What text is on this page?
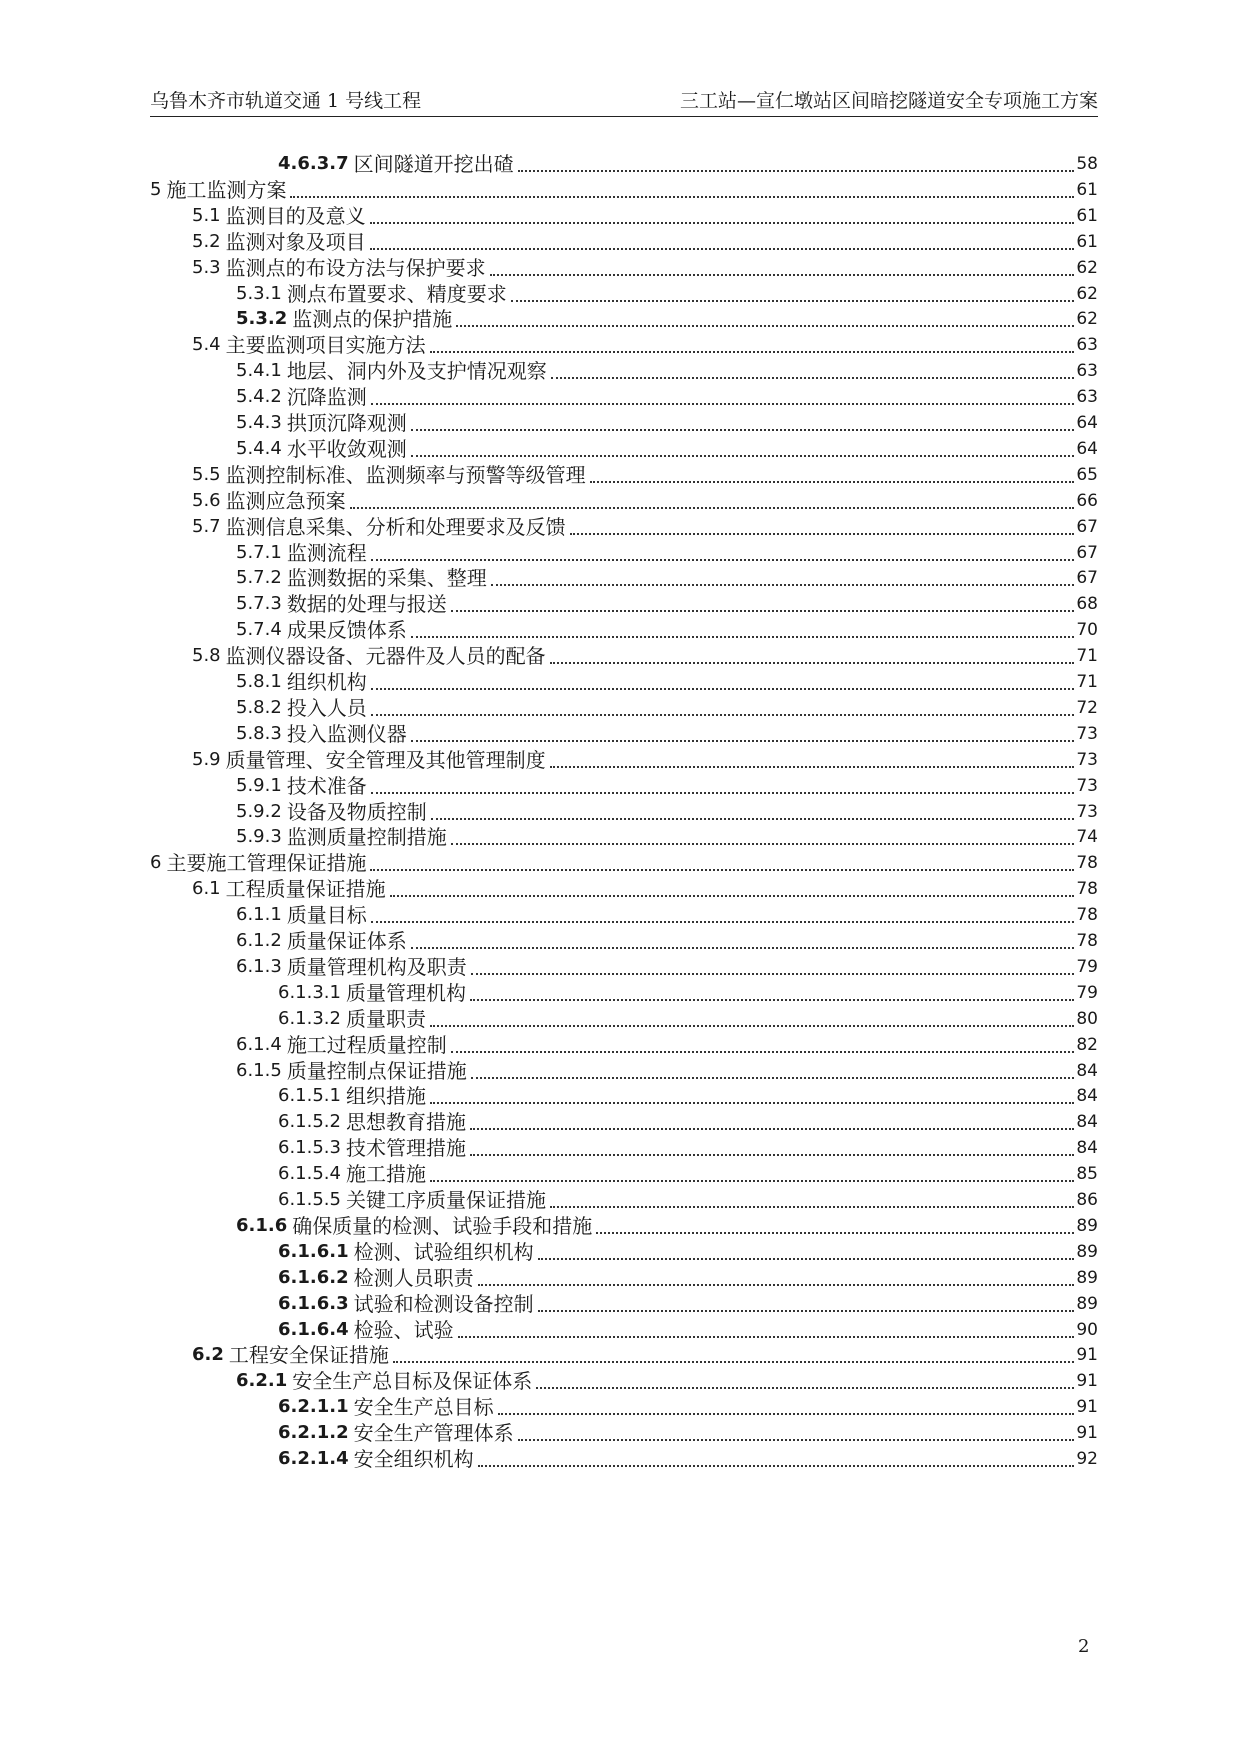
乌鲁木齐市轨道交通 1 号线工程	三工站—宣仁墩站区间暗挖隧道安全专项施工方案
4.6.3.7 区间隧道开挖出碴	58
5 施工监测方案	61
5.1 监测目的及意义	61
5.2 监测对象及项目	61
5.3 监测点的布设方法与保护要求	62
5.3.1 测点布置要求、精度要求	62
5.3.2 监测点的保护措施	62
5.4 主要监测项目实施方法	63
5.4.1 地层、洞内外及支护情况观察	63
5.4.2 沉降监测	63
5.4.3 拱顶沉降观测	64
5.4.4 水平收敛观测	64
5.5 监测控制标准、监测频率与预警等级管理	65
5.6 监测应急预案	66
5.7 监测信息采集、分析和处理要求及反馈	67
5.7.1 监测流程	67
5.7.2 监测数据的采集、整理	67
5.7.3 数据的处理与报送	68
5.7.4 成果反馈体系	70
5.8 监测仪器设备、元器件及人员的配备	71
5.8.1 组织机构	71
5.8.2 投入人员	72
5.8.3 投入监测仪器	73
5.9 质量管理、安全管理及其他管理制度	73
5.9.1 技术准备	73
5.9.2 设备及物质控制	73
5.9.3 监测质量控制措施	74
6 主要施工管理保证措施	78
6.1 工程质量保证措施	78
6.1.1 质量目标	78
6.1.2 质量保证体系	78
6.1.3 质量管理机构及职责	79
6.1.3.1 质量管理机构	79
6.1.3.2 质量职责	80
6.1.4 施工过程质量控制	82
6.1.5 质量控制点保证措施	84
6.1.5.1 组织措施	84
6.1.5.2 思想教育措施	84
6.1.5.3 技术管理措施	84
6.1.5.4 施工措施	85
6.1.5.5 关键工序质量保证措施	86
6.1.6 确保质量的检测、试验手段和措施	89
6.1.6.1 检测、试验组织机构	89
6.1.6.2 检测人员职责	89
6.1.6.3 试验和检测设备控制	89
6.1.6.4 检验、试验	90
6.2 工程安全保证措施	91
6.2.1 安全生产总目标及保证体系	91
6.2.1.1 安全生产总目标	91
6.2.1.2 安全生产管理体系	91
6.2.1.4 安全组织机构	92
2
